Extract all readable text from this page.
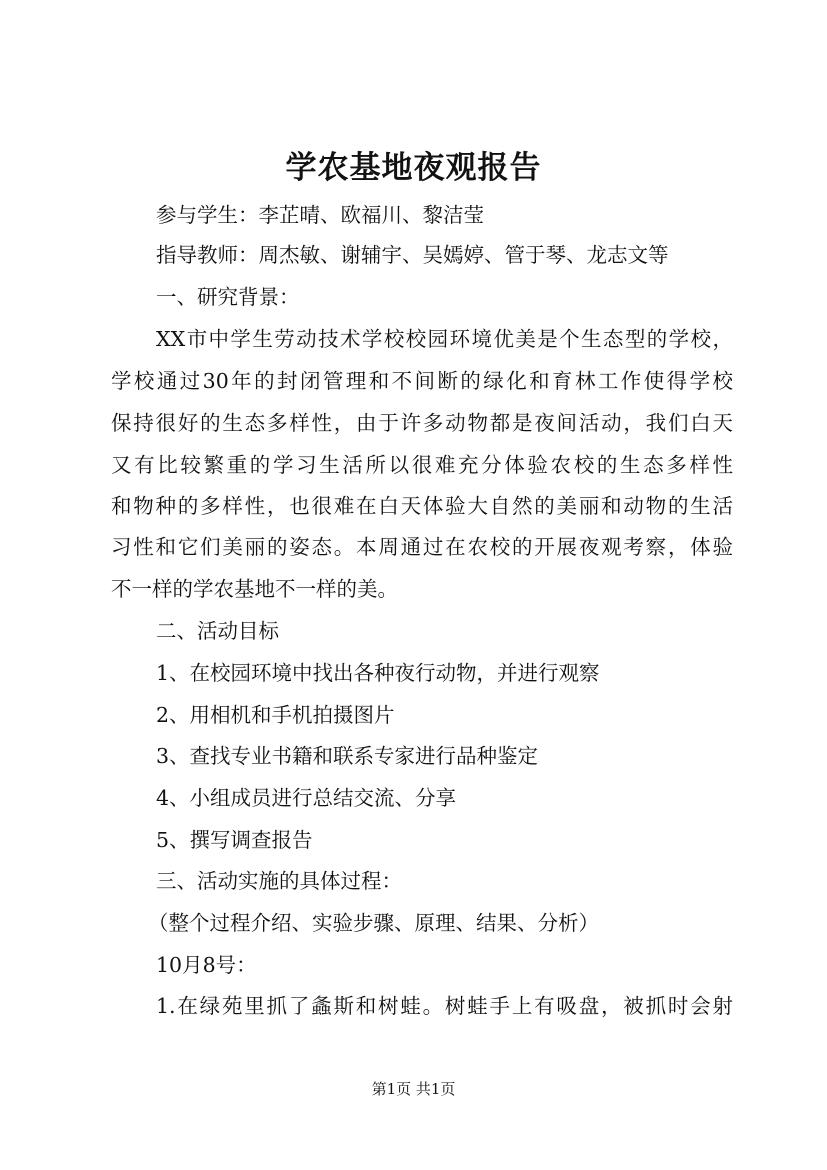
学农基地夜观报告
参与学生：李芷晴、欧福川、黎洁莹
指导教师：周杰敏、谢辅宇、吴嫣婷、管于琴、龙志文等
一、研究背景：
XX市中学生劳动技术学校校园环境优美是个生态型的学校，
学校通过30年的封闭管理和不间断的绿化和育林工作使得学校
保持很好的生态多样性，由于许多动物都是夜间活动，我们白天
又有比较繁重的学习生活所以很难充分体验农校的生态多样性
和物种的多样性，也很难在白天体验大自然的美丽和动物的生活
习性和它们美丽的姿态。本周通过在农校的开展夜观考察，体验
不一样的学农基地不一样的美。
二、活动目标
1、在校园环境中找出各种夜行动物，并进行观察
2、用相机和手机拍摄图片
3、查找专业书籍和联系专家进行品种鉴定
4、小组成员进行总结交流、分享
5、撰写调查报告
三、活动实施的具体过程：
（整个过程介绍、实验步骤、原理、结果、分析）
10月8号：
1.在绿苑里抓了螽斯和树蛙。树蛙手上有吸盘，被抓时会射
第1页 共1页
